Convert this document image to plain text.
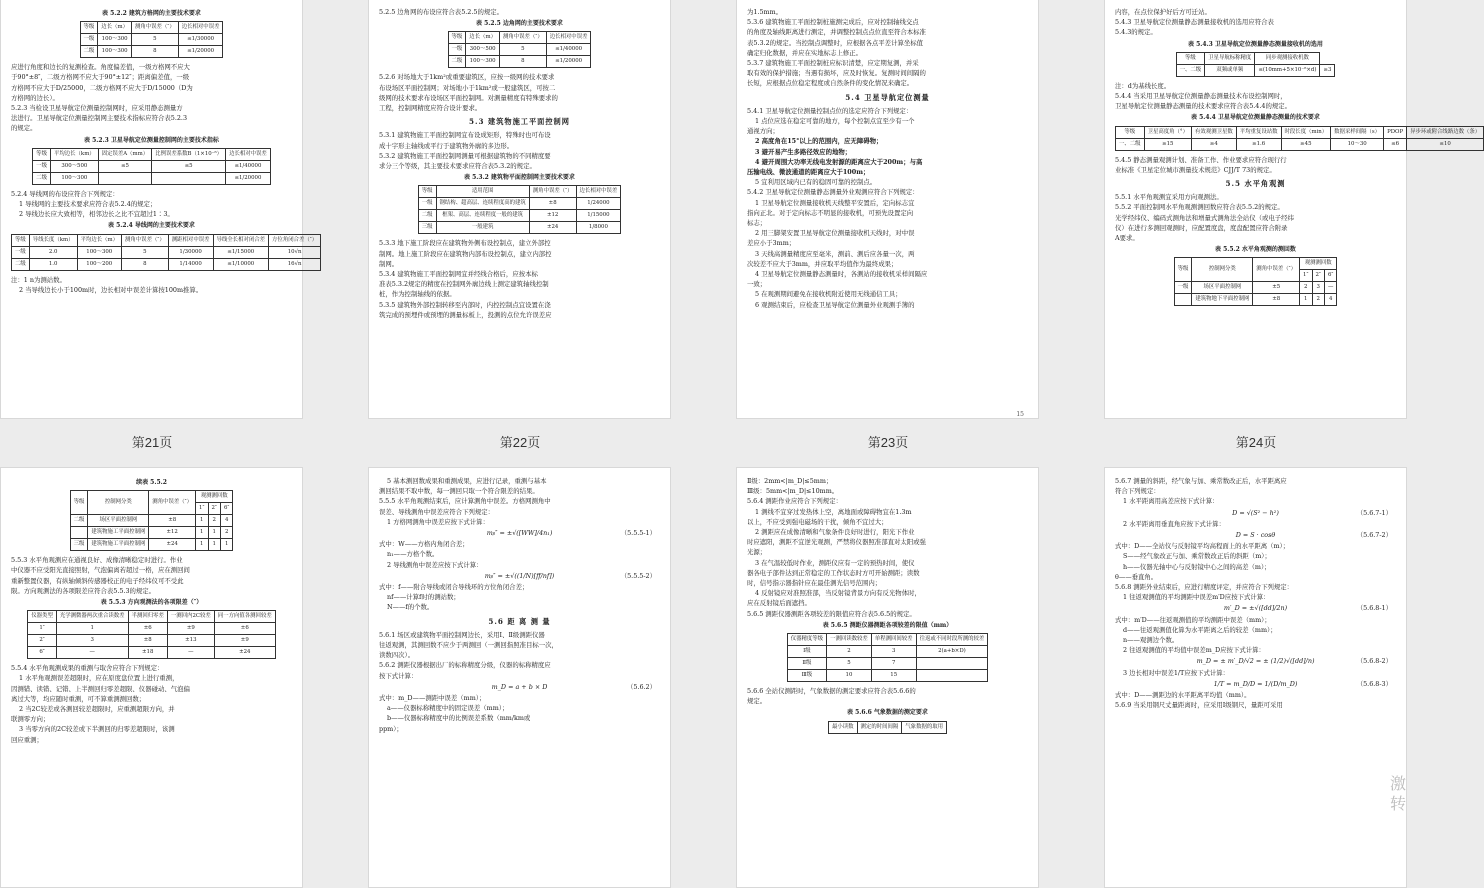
表 5.2.2 建筑方格网的主要技术要求
等级	边长（m）	测角中误差（″）	边长相对中误差
一级	100～300	5	≤1/30000
二级	100～300	8	≤1/20000
应进行角度和边长的复测检查。角度偏差值，一级方格网不应大
于90°±8″，二级方格网不应大于90°±12″；距离偏差值，一级
方格网不应大于D/25000，二级方格网不应大于D/15000（D为
方格网的边长）。
5.2.3 当检设卫星导航定位测量控制网时，应采用静态测量方
法进行。卫星导航定位测量控制网主要技术指标应符合表5.2.3
的规定。
表 5.2.3 卫星导航定位测量控制网的主要技术指标
等级	平均边长（km）	固定误差A（mm）	比例误差系数B（1×10⁻⁶）	边长相对中误差
一级	300～500	≤5	≤5	≤1/40000
二级	100～300			≤1/20000
5.2.4 导线网的布设应符合下列规定：
1 导线网的主要技术要求应符合表5.2.4的规定；
2 导线边长应大致相等，相邻边长之比不宜超过1∶3。
表 5.2.4 导线网的主要技术要求
等级	导线长度（km）	平均边长（m）	测角中误差（″）	测距相对中误差	导线全长相对闭合差	方位角闭合差（″）
一级	2.0	100～300	5	1/30000	≤1/15000	10√n
二级	1.0	100～200	8	1/14000	≤1/10000	16√n
注：1 n为测站数。
2 当导线边长小于100m时，边长相对中误差计算按100m推算。
5.2.5 边角网的布设应符合表5.2.5的规定。
表 5.2.5 边角网的主要技术要求
等级	边长（m）	测角中误差（″）	边长相对中误差
一级	300～500	5	≤1/40000
二级	100～300	8	≤1/20000
5.2.6 对场地大于1km²或重要建筑区，应按一级网的技术要求
布设场区平面控制网；对场地小于1km²或一般建筑区，可按二
级网的技术要求布设场区平面控制网。对测量精度有特殊要求的
工程，控制网精度应符合设计要求。
5.3 建筑物施工平面控制网
5.3.1 建筑物施工平面控制网宜布设成矩形，特殊时也可布设
成十字形主轴线或平行于建筑物外廓的多边形。
5.3.2 建筑物施工平面控制网测量可根据建筑物的不同精度要
求分三个等级，其主要技术要求应符合表5.3.2的规定。
表 5.3.2 建筑物平面控制网主要技术要求
等级	适用范围	测角中误差（″）	边长相对中误差
一级	钢结构、超高层、连续程度高的建筑	±8	1/24000
二级	框架、高层、连续程度一般的建筑	±12	1/15000
三级	一般建筑	±24	1/8000
5.3.3 地下施工阶段应在建筑物外侧布设控制点，建立外部控
制网。地上施工阶段应在建筑物内部布设控制点，建立内部控
制网。
5.3.4 建筑物施工平面控制网宜并经线合格后，应按本标
准表5.3.2规定的精度在控制网外廓边线上测定建筑轴线控制
桩，作为控制轴线的依据。
5.3.5 建筑物外部控制转移至内部时，内控控制点宜设置在浇
筑完成的预埋件或预埋的测量标板上，投测的点位允许误差应
为1.5mm。
5.3.6 建筑物施工平面控制桩施测完成后，应对控制轴线交点
的角度及轴线距离进行测定，并调整控制点点位直至符合本标准
表5.3.2的规定。当控制点调整时，应根据各点平差计算坐标值
确定归化数据，并应在实地标志上修正。
5.3.7 建筑物施工平面控制桩应标识清楚，应定期复测，并采
取有效的保护措施；当遇有损坏，应及时恢复。复测时间间隔的
长短，应根据点位稳定程度或自然条件的变化情况来确定。
5.4 卫星导航定位测量
5.4.1 卫星导航定位测量控制点位的选定应符合下列规定：
1 点位应选在稳定可靠的地方，每个控制点宜至少有一个
通视方向；
2 高度角在15°以上的范围内，应无障碍物；
3 避开易产生多路径效应的地物；
4 避开周围大功率无线电发射源的距离应大于200m；与高
压输电线、微波通道的距离应大于100m；
5 宜利用区域内已有的稳固可靠的控制点。
5.4.2 卫星导航定位测量静态测量外业观测应符合下列规定：
1 卫星导航定位测量接收机天线整平安置后，定向标志宜
指向正北。对于定向标志不明显的接收机，可预先设置定向
标志；
2 用三脚架安置卫星导航定位测量接收机天线时，对中误
差应小于3mm；
3 天线高测量精度应至毫米，测前、测后应各量一次，两
次较差不应大于3mm，并应取平均值作为最终成果；
4 卫星导航定位测量静态测量时，各测站的接收机采样间隔应
一致；
5 在观测期间避免在接收机附近使用无线通信工具；
6 观测结束后，应检查卫星导航定位测量外业观测手簿的
15
内容，在点位保护好后方可迁站。
5.4.3 卫星导航定位测量静态测量接收机的选用应符合表
5.4.3的规定。
表 5.4.3 卫星导航定位测量静态测量接收机的选用
等级	卫星导航标称精度	同步观测接收机数	
一、二级	双频或单频	≤(10mm+5×10⁻⁶×d)	≥3
注：d为基线长度。
5.4.4 当采用卫星导航定位测量静态测量技术布设控制网时，
卫星导航定位测量静态测量的技术要求应符合表5.4.4的规定。
表 5.4.4 卫星导航定位测量静态测量的技术要求
等级	卫星高度角（°）	有效观测卫星数	平均重复设站数	时段长度（min）	数据采样间隔（s）	PDOP	异步环或附合线路边数（条）
一、二级	≥15	≥4	≥1.6	≥45	10～30	≤6	≤10
5.4.5 静态测量观测计划、准备工作、作业要求应符合现行行
业标准《卫星定位城市测量技术规范》CJJ/T 73的规定。
5.5 水平角观测
5.5.1 水平角观测宜采用方向观测法。
5.5.2 平面控制网水平角观测测回数应符合表5.5.2的规定。
光学经纬仪、编码式测角法和增量式测角法全站仪（或电子经纬
仪）在进行多测回观测时，应配置度盘，度盘配置应符合附录
A要求。
表 5.5.2 水平角观测的测回数
等级	控制网分类	测角中误差（″）	观测测回数		
			1″	2″	6″
一级	场区平面控制网	±5	2	3	—
	建筑物地下平面控制网	±8	1	2	4
第21页	第22页	第23页	第24页
续表 5.5.2
等级	控制网分类	测角中误差（″）	观测测回数		
			1″	2″	6″
二级	场区平面控制网	±8	1	2	4
	建筑物施工平面控制网	±12	1	1	2
三级	建筑物施工平面控制网	±24	1	1	1
5.5.3 水平角观测应在通视良好、成像清晰稳定时进行。作业
中仪器不应受阳光直接照射，气泡偏离若超过一格，应在测回间
重新整置仪器，有纵轴倾斜传感器校正的电子经纬仪可不受此
限。方向观测法的各项限差应符合表5.5.3的规定。
表 5.5.3 方向观测法的各项限差（″）
仪器类型	光学测微器两次重合读数差	半测回归零差	一测回内2C较差	同一方向值各测回较差
1″	1	±6	±9	±6
2″	3	±8	±13	±9
6″	—	±18	—	±24
5.5.4 水平角观测成果的重测与取舍应符合下列规定：
1 水平角观测误差超限时，应在原度盘位置上进行重测，
因测错、读错、记错、上半测回归零差超限、仪器碰动、气泡偏
离过大等，均应随时重测，可不算重测测回数；
2 当2C较差或各测回较差超限时，应重测超限方向，并
联测零方向；
3 当零方向的2C较差或下半测回的归零差超限时，该测
回应重测；
5 基本测回数成果和重测成果，应进行记录，重测与基本
测回结果不取中数，每一测回只取一个符合限差的结果。
5.5.5 水平角观测结束后，应计算测角中误差。方格网测角中
误差、导线测角中误差应符合下列规定：
1 方格网测角中误差应按下式计算：
mᵦ″ = ±√([WW]/4n₁)	（5.5.5-1）
式中：W——方格内角闭合差；
n₁——方格个数。
2 导线测角中误差应按下式计算：
mᵦ″ = ±√((1/N)[ff/nf])	（5.5.5-2）
式中：f——附合导线或闭合导线环的方位角闭合差；
nf——计算f时的测站数；
N——f的个数。
5.6 距 离 测 量
5.6.1 场区或建筑物平面控制网边长，采用Ⅰ、Ⅱ级测距仪器
往返观测，其测回数不应少于两测回（一测回指照准目标一次，
读数四次）。
5.6.2 测距仪器根据出厂的标称精度分级，仪器的标称精度应
按下式计算：
m_D = a + b × D	（5.6.2）
式中：m_D——测距中误差（mm）；
a——仪器标称精度中的固定误差（mm）；
b——仪器标称精度中的比例误差系数（mm/km或
ppm）；
Ⅱ级：2mm<|m_D|≤5mm；
Ⅲ级：5mm<|m_D|≤10mm。
5.6.4 测距作业应符合下列规定：
1 测线不宜穿过发热体上空，离地面或障碍物宜在1.3m
以上，不应受到强电磁场的干扰，倾角不宜过大；
2 测距应在成像清晰和气象条件良好时进行，阳光下作业
时应遮阳，测距不宜逆光观测，严禁将仪器照准部直对太阳或强
光源；
3 在气温较低时作业，测距仪应有一定的预热时间，使仪
器各电子部件达到正常稳定的工作状态时方可开始测距；读数
时，信号指示器指针应在最佳测光信号范围内；
4 反射镜应对准照准部，当反射镜背景方向有反光物体时，
应在反射镜后面遮挡。
5.6.5 测距仪器测距各项较差的限值应符合表5.6.5的规定。
表 5.6.5 测距仪器测距各项较差的限值（mm）
仪器精度等级	一测回读数较差	单程测回间较差	往返或不同时段所测的较差
Ⅰ级	2	3	2(a+b×D)
Ⅱ级	5	7	
Ⅲ级	10	15	
5.6.6 全站仪测距时，气象数据的测定要求应符合表5.6.6的
规定。
表 5.6.6 气象数据的测定要求
最小读数	测定的时间间隔	气象数据的取用
5.6.7 测量的斜距，经气象与加、乘常数改正后，水平距离应
符合下列规定：
1 水平距离用高差应按下式计算：
D = √(S² − h²)	（5.6.7-1）
2 水平距离用垂直角应按下式计算：
D = S · cosθ	（5.6.7-2）
式中：D——全站仪与反射镜平均高程面上的水平距离（m）；
S——经气象改正与加、乘常数改正后的斜距（m）；
h——仪器光轴中心与反射镜中心之间的高差（m）；
θ——垂直角。
5.6.8 测距外业结束后，应进行精度评定，并应符合下列规定：
1 往返观测值的平均测距中误差m′D应按下式计算：
m′_D = ±√([dd]/2n)	（5.6.8-1）
式中：m′D——往返观测值的平均测距中误差（mm）；
d——往返观测值化算为水平距离之后的较差（mm）；
n——观测边个数。
2 往返观测值的平均值中误差m_D应按下式计算：
m_D = ± m′_D/√2 = ± (1/2)√([dd]/n)	（5.6.8-2）
3 边长相对中误差1/T应按下式计算：
1/T = m_D/D = 1/(D/m_D)	（5.6.8-3）
式中：D——测距边的水平距离平均值（mm）。
5.6.9 当采用钢尺丈量距离时，应采用Ⅰ级钢尺，量距可采用
激
转
